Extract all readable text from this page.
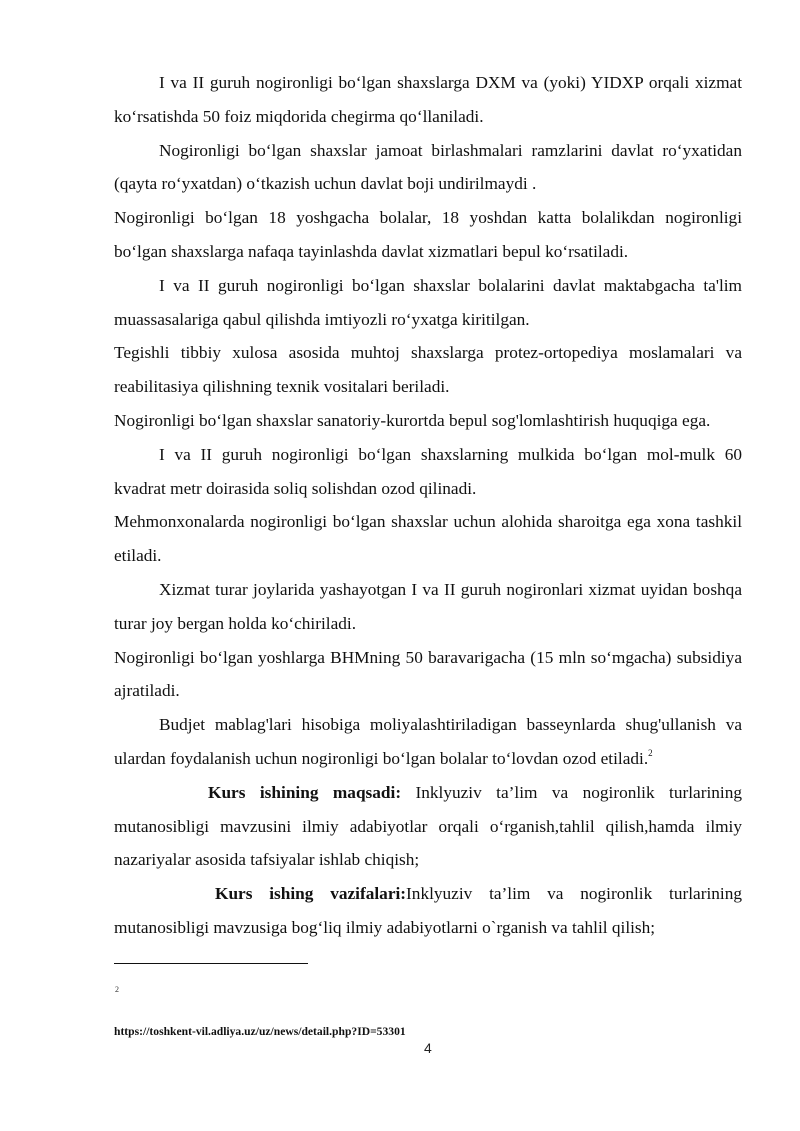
I va II guruh nogironligi bo‘lgan shaxslarga DXM va (yoki) YIDXP orqali xizmat ko‘rsatishda 50 foiz miqdorida chegirma qo‘llaniladi.

Nogironligi bo‘lgan shaxslar jamoat birlashmalari ramzlarini davlat ro‘yxatidan (qayta ro‘yxatdan) o‘tkazish uchun davlat boji undirilmaydi .

Nogironligi bo‘lgan 18 yoshgacha bolalar, 18 yoshdan katta bolalikdan nogironligi bo‘lgan shaxslarga nafaqa tayinlashda davlat xizmatlari bepul ko‘rsatiladi.

I va II guruh nogironligi bo‘lgan shaxslar bolalarini davlat maktabgacha ta'lim muassasalariga qabul qilishda imtiyozli ro‘yxatga kiritilgan.

Tegishli tibbiy xulosa asosida muhtoj shaxslarga protez-ortopediya moslamalari va reabilitasiya qilishning texnik vositalari beriladi.

Nogironligi bo‘lgan shaxslar sanatoriy-kurortda bepul sog'lomlashtirish huquqiga ega.

I va II guruh nogironligi bo‘lgan shaxslarning mulkida bo‘lgan mol-mulk 60 kvadrat metr doirasida soliq solishdan ozod qilinadi.

Mehmonxonalarda nogironligi bo‘lgan shaxslar uchun alohida sharoitga ega xona tashkil etiladi.

Xizmat turar joylarida yashayotgan I va II guruh nogironlari xizmat uyidan boshqa turar joy bergan holda ko‘chiriladi.

Nogironligi bo‘lgan yoshlarga BHMning 50 baravarigacha (15 mln so‘mgacha) subsidiya ajratiladi.

Budjet mablag'lari hisobiga moliyalashtiriladigan basseynlarda shug'ullanish va ulardan foydalanish uchun nogironligi bo‘lgan bolalar to‘lovdan ozod etiladi.$^2$

Kurs ishining maqsadi: Inklyuziv ta’lim va nogironlik turlarining mutanosibligi mavzusini ilmiy adabiyotlar orqali o‘rganish,tahlil qilish,hamda ilmiy nazariyalar asosida tafsiyalar ishlab chiqish;

Kurs ishing vazifalari:Inklyuziv ta’lim va nogironlik turlarining mutanosibligi mavzusiga bog‘liq ilmiy adabiyotlarni o`rganish va tahlil qilish;

2
https://toshkent-vil.adliya.uz/uz/news/detail.php?ID=53301
4
